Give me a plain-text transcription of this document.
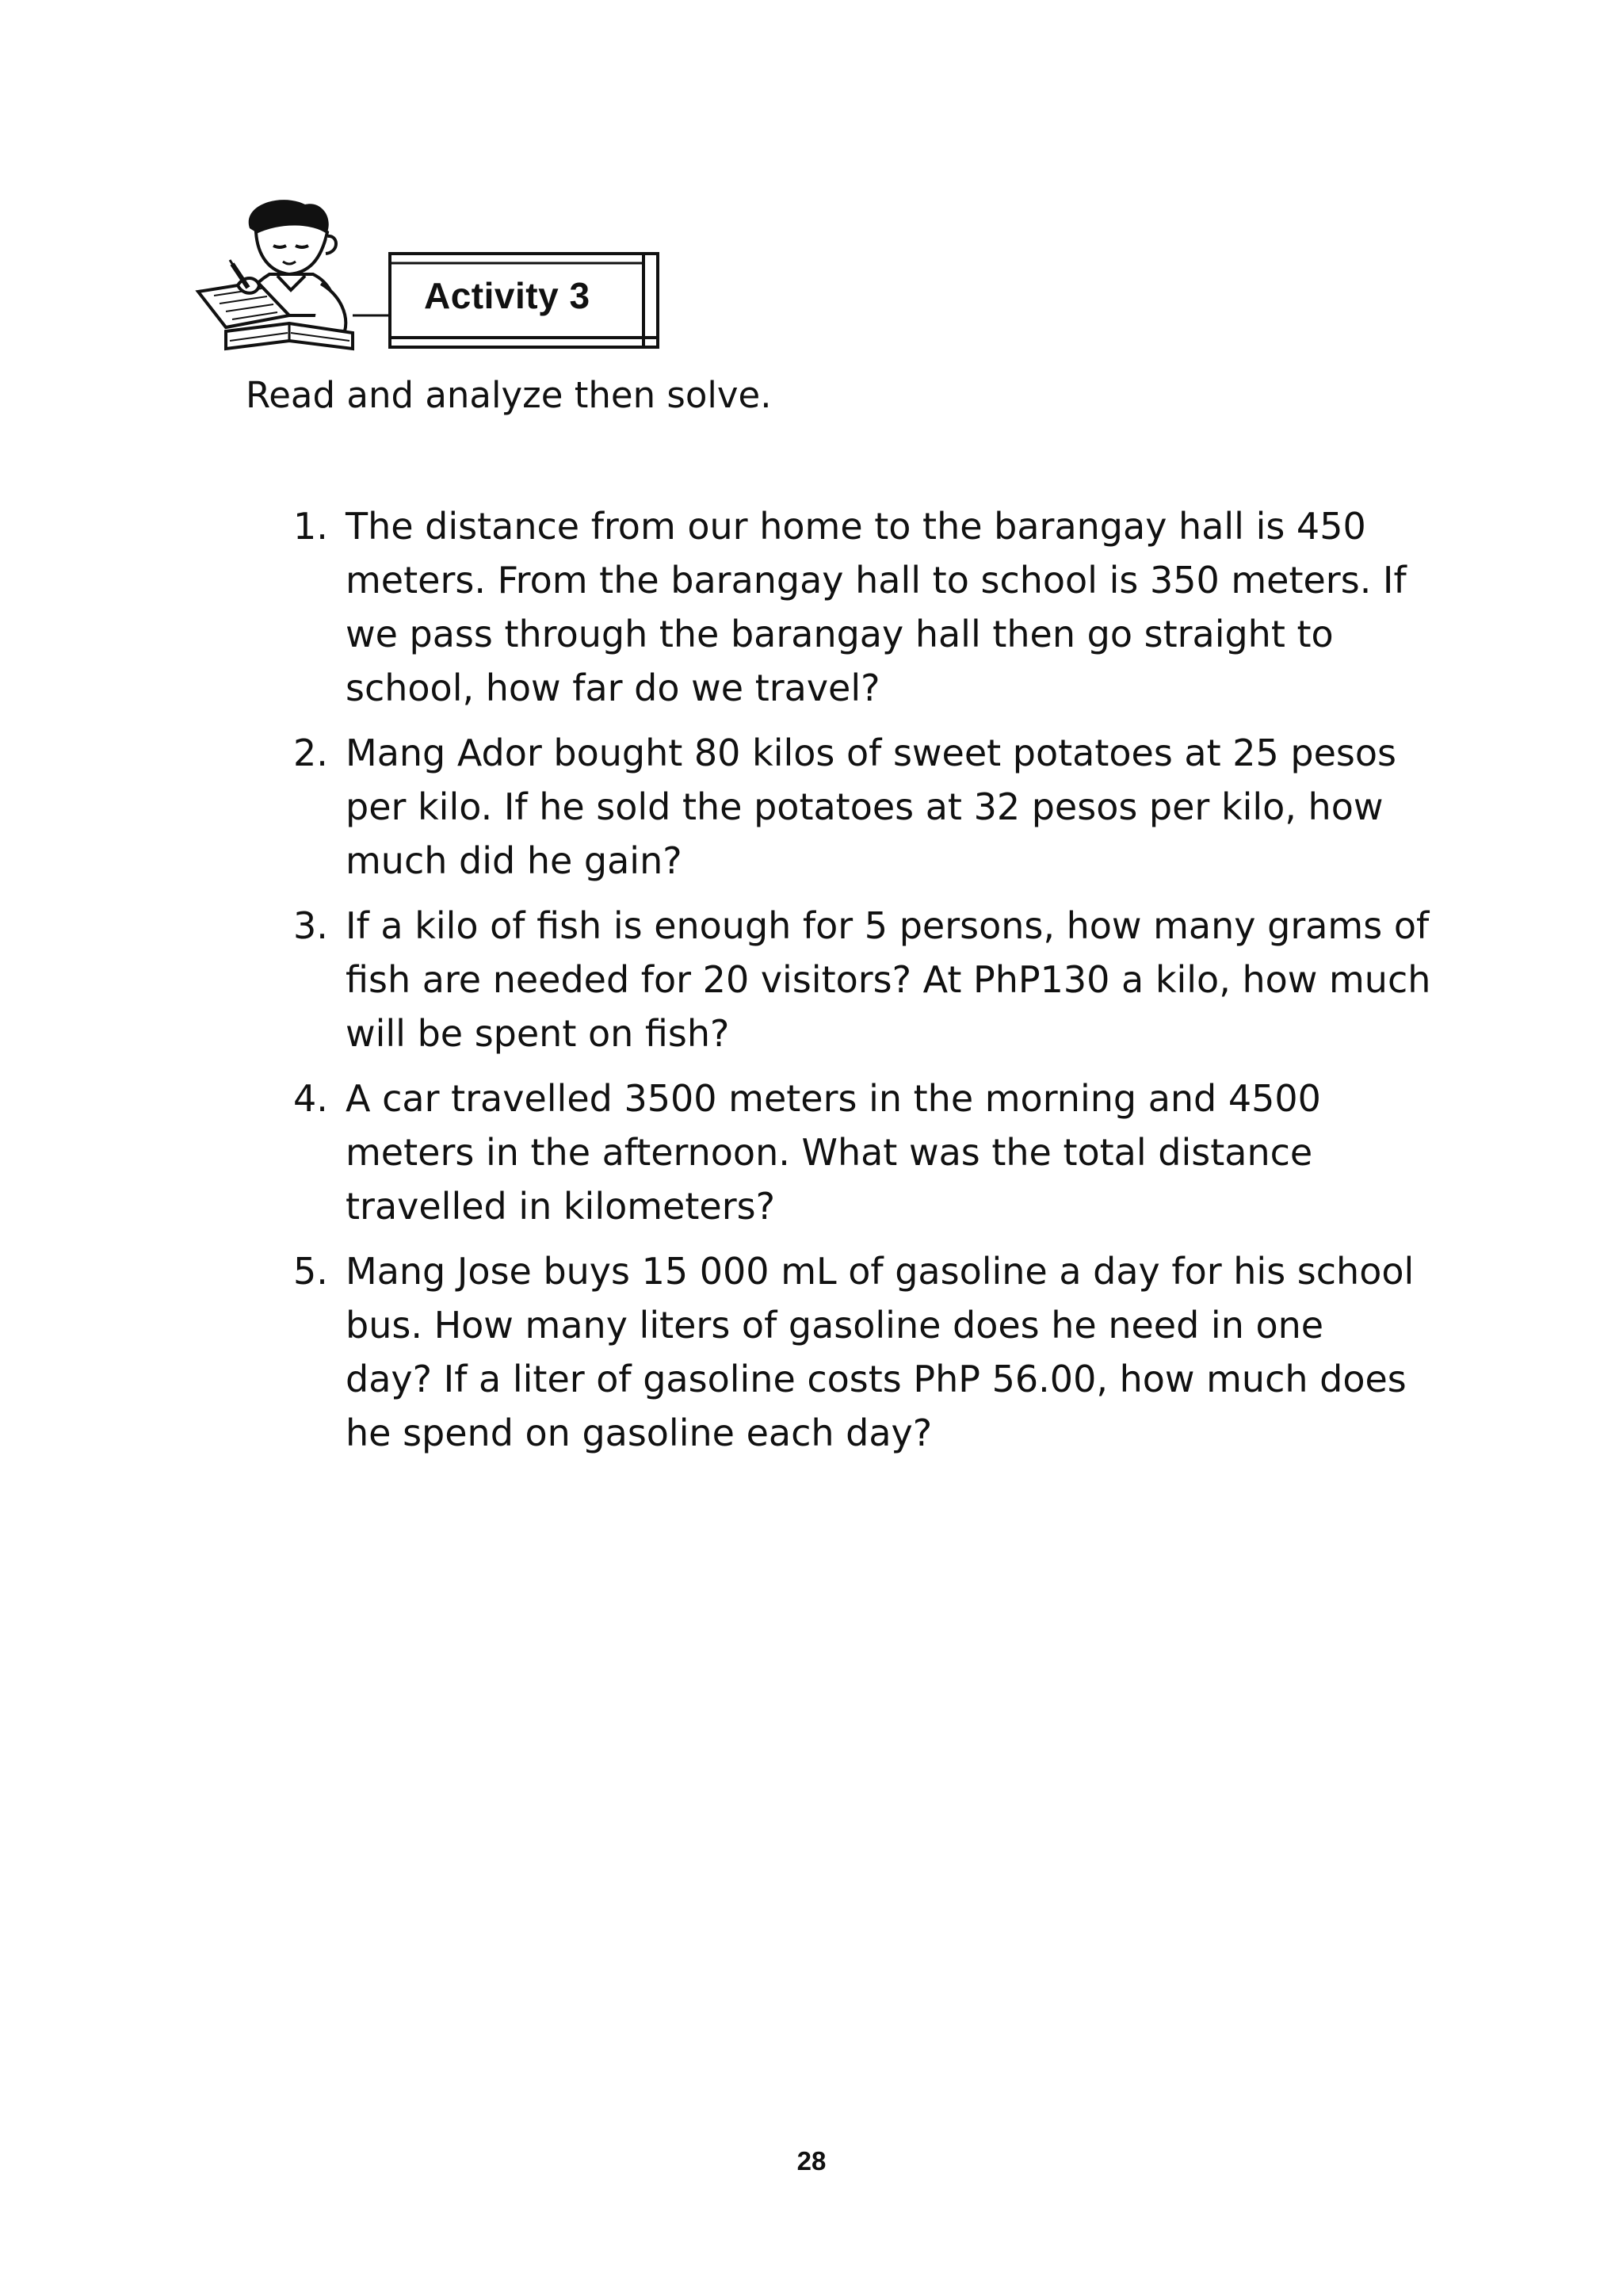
Activity 3
Read and analyze then solve.
1. The distance from our home to the barangay hall is 450
meters. From the barangay hall to school is 350 meters. If
we pass through the barangay hall then go straight to
school, how far do we travel?
2. Mang Ador bought 80 kilos of sweet potatoes at 25 pesos
per kilo. If he sold the potatoes at 32 pesos per kilo, how
much did he gain?
3. If a kilo of fish is enough for 5 persons, how many grams of
fish are needed for 20 visitors? At PhP130 a kilo, how much
will be spent on fish?
4. A car travelled 3500 meters in the morning and 4500
meters in the afternoon. What was the total distance
travelled in kilometers?
5. Mang Jose buys 15 000 mL of gasoline a day for his school
bus. How many liters of gasoline does he need in one
day? If a liter of gasoline costs PhP 56.00, how much does
he spend on gasoline each day?
28
